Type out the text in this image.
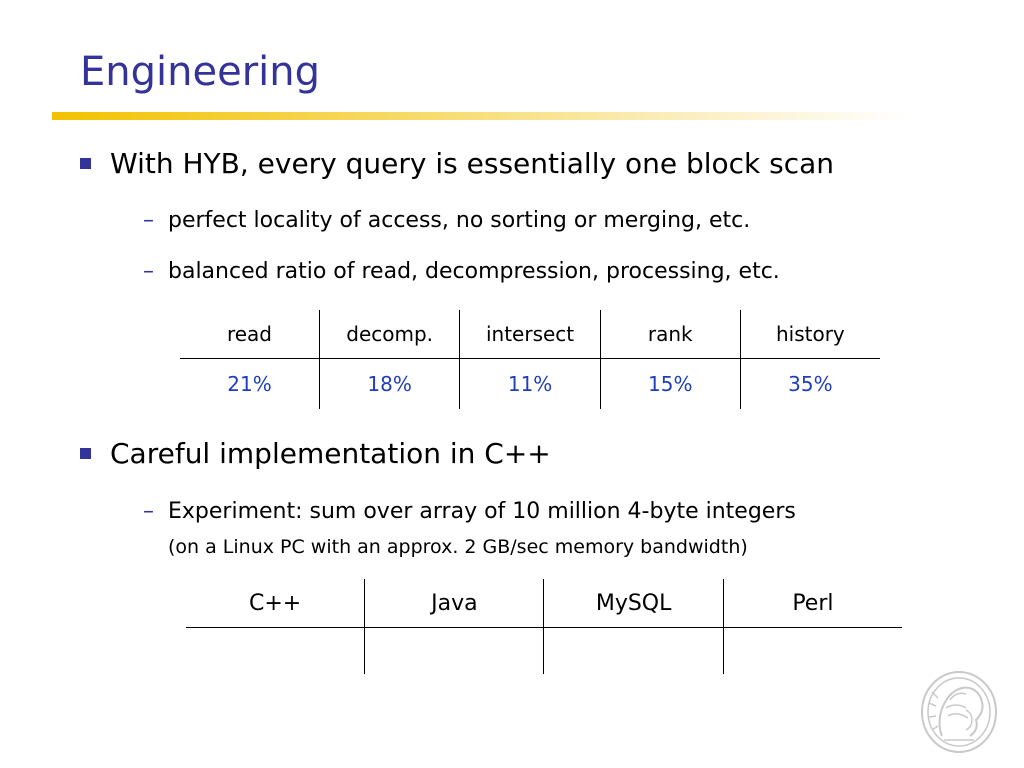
Engineering
With HYB, every query is essentially one block scan
– perfect locality of access, no sorting or merging, etc.
– balanced ratio of read, decompression, processing, etc.
read	decomp.	intersect	rank	history
21%	18%	11%	15%	35%
Careful implementation in C++
– Experiment: sum over array of 10 million 4-byte integers
(on a Linux PC with an approx. 2 GB/sec memory bandwidth)
C++	Java	MySQL	Perl
